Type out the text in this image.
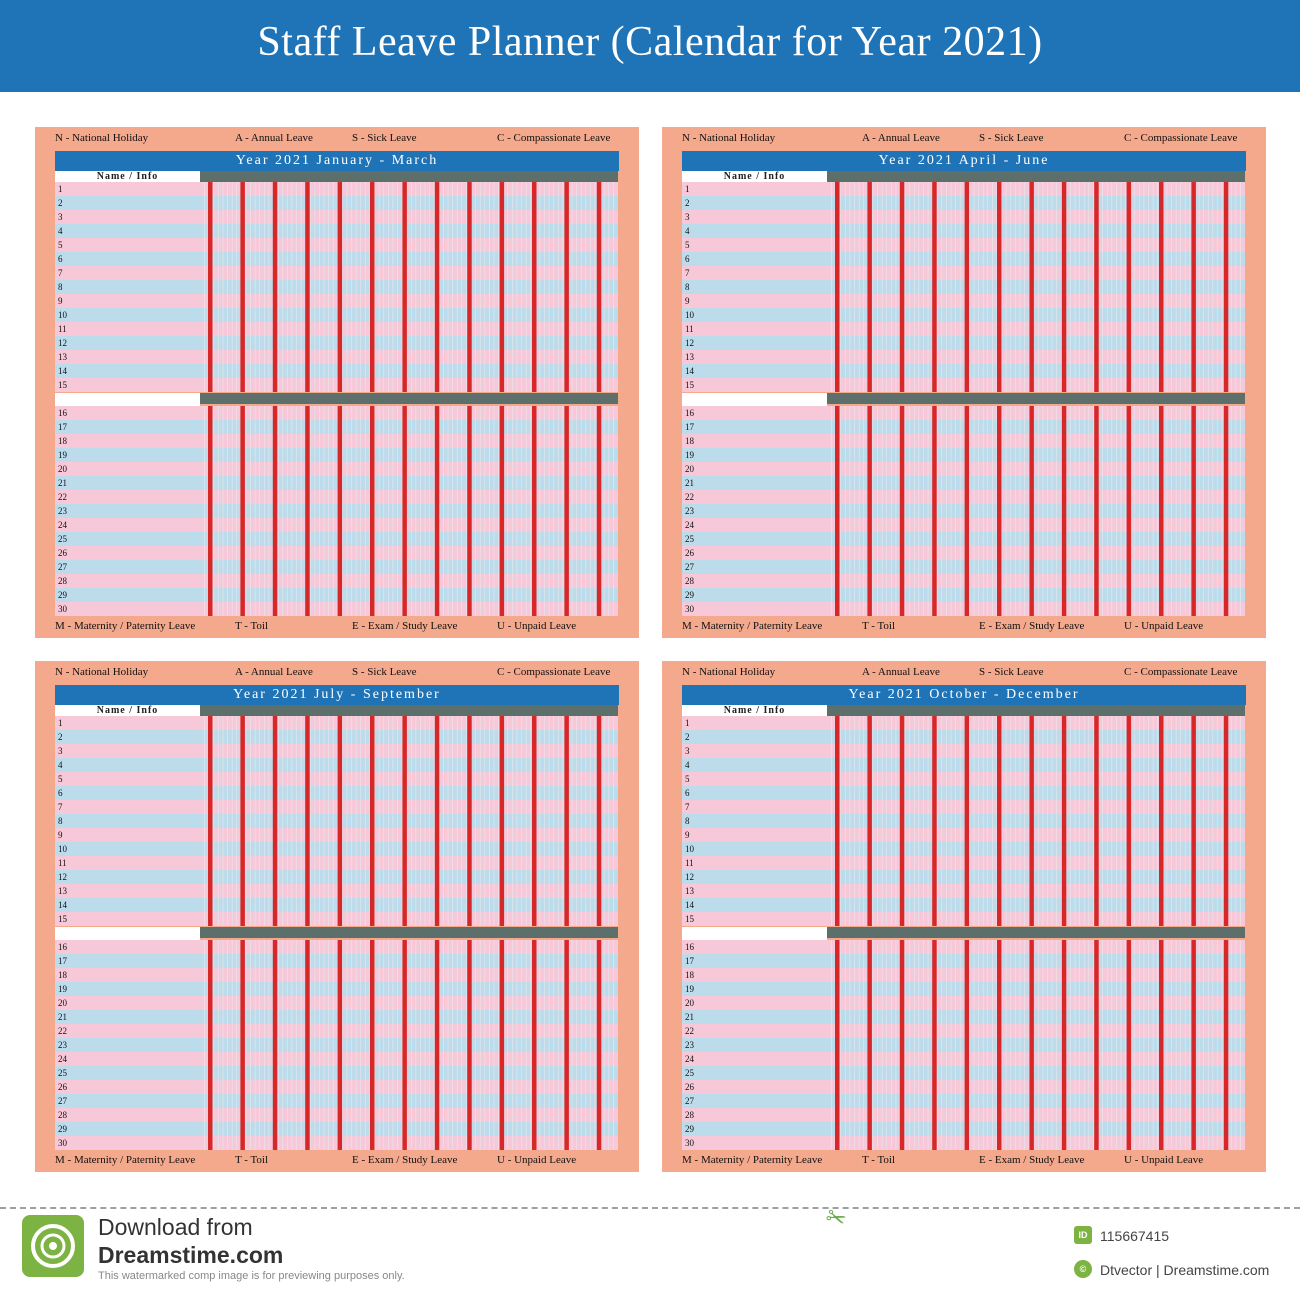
Staff Leave Planner (Calendar for Year 2021)
N - National Holiday	A - Annual Leave	S - Sick Leave	C - Compassionate Leave
Year 2021 January - March
Name / Info
1
2
3
4
5
6
7
8
9
10
11
12
13
14
15
16
17
18
19
20
21
22
23
24
25
26
27
28
29
30
M - Maternity / Paternity Leave	T - Toil	E - Exam / Study Leave	U - Unpaid Leave
N - National Holiday	A - Annual Leave	S - Sick Leave	C - Compassionate Leave
Year 2021 April - June
Name / Info
1
2
3
4
5
6
7
8
9
10
11
12
13
14
15
16
17
18
19
20
21
22
23
24
25
26
27
28
29
30
M - Maternity / Paternity Leave	T - Toil	E - Exam / Study Leave	U - Unpaid Leave
N - National Holiday	A - Annual Leave	S - Sick Leave	C - Compassionate Leave
Year 2021 July - September
Name / Info
1
2
3
4
5
6
7
8
9
10
11
12
13
14
15
16
17
18
19
20
21
22
23
24
25
26
27
28
29
30
M - Maternity / Paternity Leave	T - Toil	E - Exam / Study Leave	U - Unpaid Leave
N - National Holiday	A - Annual Leave	S - Sick Leave	C - Compassionate Leave
Year 2021 October - December
Name / Info
1
2
3
4
5
6
7
8
9
10
11
12
13
14
15
16
17
18
19
20
21
22
23
24
25
26
27
28
29
30
M - Maternity / Paternity Leave	T - Toil	E - Exam / Study Leave	U - Unpaid Leave
Download from
Dreamstime.com
This watermarked comp image is for previewing purposes only.
✂
ID 115667415
© Dtvector | Dreamstime.com
